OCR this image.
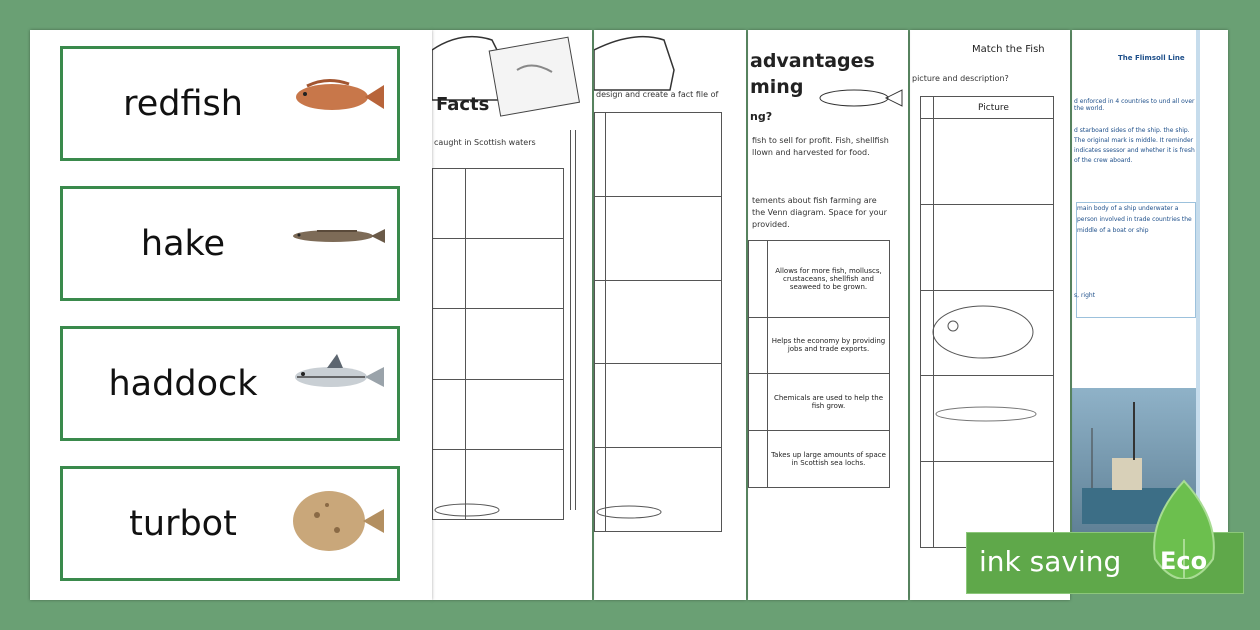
redfish
hake
haddock
turbot
Facts
caught in Scottish waters

design and create a fact file of

advantages
ming
ng?
fish to sell for profit. Fish, shellfish
llown and harvested for food.
tements about fish farming are
the Venn diagram. Space for your
provided.
	Allows for more fish, molluscs, crustaceans, shellfish and seaweed to be grown.
	Helps the economy by providing jobs and trade exports.
	Chemicals are used to help the fish grow.
	Takes up large amounts of space in Scottish sea lochs.
Match the Fish
picture and description?
	Picture

The Flimsoll Line
d enforced in 4 countries to und all over the world.
d starboard sides of the ship. the ship. The original mark is middle. It reminder indicates ssessor and whether it is fresh of the crew aboard.
main body of a ship underwater a person involved in trade countries the middle of a boat or ship
s, right
ink saving Eco
